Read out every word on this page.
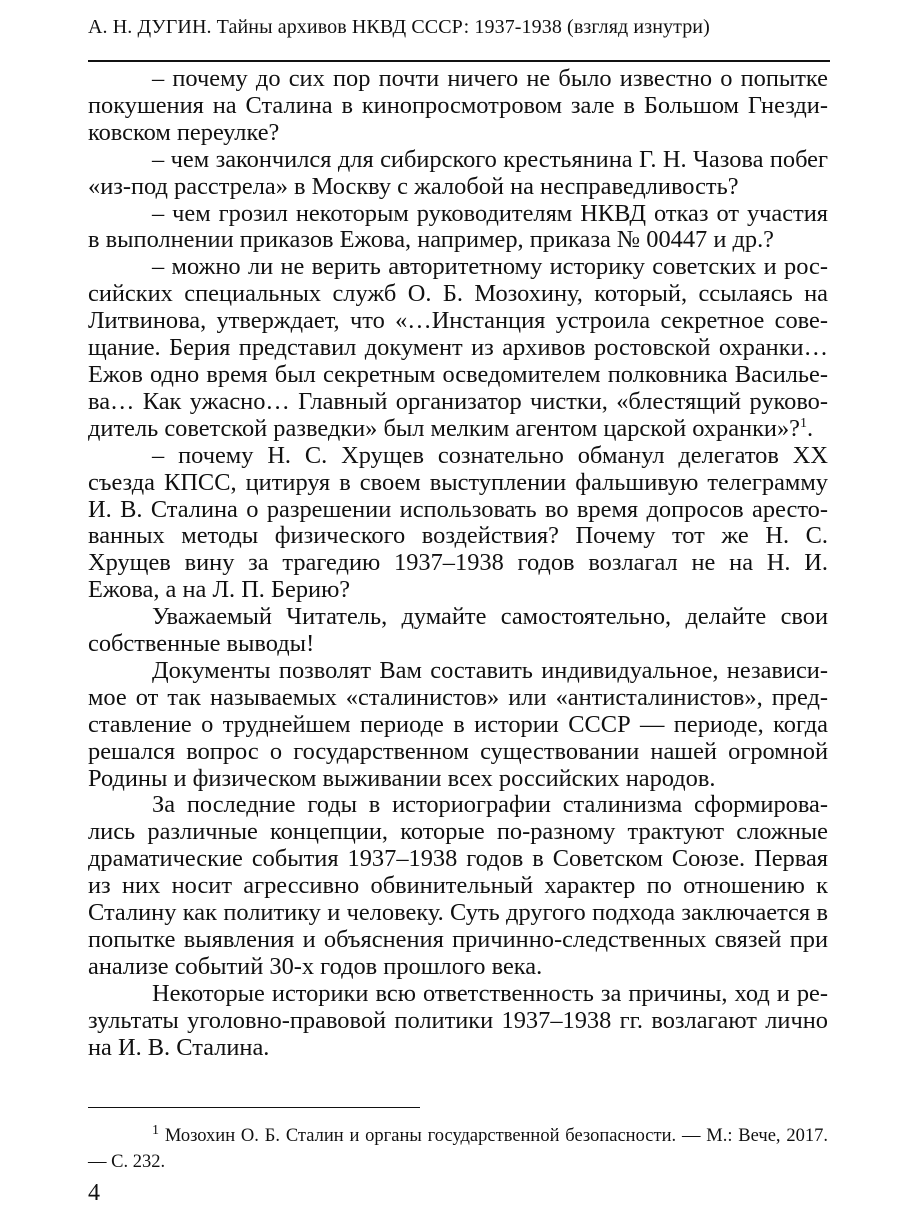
А. Н. ДУГИН. Тайны архивов НКВД СССР: 1937-1938 (взгляд изнутри)

– почему до сих пор почти ничего не было известно о попытке покушения на Сталина в кинопросмотровом зале в Большом Гнездиковском переулке?

– чем закончился для сибирского крестьянина Г. Н. Чазова побег «из-под расстрела» в Москву с жалобой на несправедливость?

– чем грозил некоторым руководителям НКВД отказ от участия в выполнении приказов Ежова, например, приказа № 00447 и др.?

– можно ли не верить авторитетному историку советских и российских специальных служб О. Б. Мозохину, который, ссылаясь на Литвинова, утверждает, что «…Инстанция устроила секретное совещание. Берия представил документ из архивов ростовской охранки… Ежов одно время был секретным осведомителем полковника Васильева… Как ужасно… Главный организатор чистки, «блестящий руководитель советской разведки» был мелким агентом царской охранки»?$^1$.

– почему Н. С. Хрущев сознательно обманул делегатов XX съезда КПСС, цитируя в своем выступлении фальшивую телеграмму И. В. Сталина о разрешении использовать во время допросов арестованных методы физического воздействия? Почему тот же Н. С. Хрущев вину за трагедию 1937–1938 годов возлагал не на Н. И. Ежова, а на Л. П. Берию?

Уважаемый Читатель, думайте самостоятельно, делайте свои собственные выводы!

Документы позволят Вам составить индивидуальное, независимое от так называемых «сталинистов» или «антисталинистов», представление о труднейшем периоде в истории СССР — периоде, когда решался вопрос о государственном существовании нашей огромной Родины и физическом выживании всех российских народов.

За последние годы в историографии сталинизма сформировались различные концепции, которые по-разному трактуют сложные драматические события 1937–1938 годов в Советском Союзе. Первая из них носит агрессивно обвинительный характер по отношению к Сталину как политику и человеку. Суть другого подхода заключается в попытке выявления и объяснения причинно-следственных связей при анализе событий 30-х годов прошлого века.

Некоторые историки всю ответственность за причины, ход и результаты уголовно-правовой политики 1937–1938 гг. возлагают лично на И. В. Сталина.

$^1$ Мозохин О. Б. Сталин и органы государственной безопасности. — М.: Вече, 2017. — С. 232.

4
